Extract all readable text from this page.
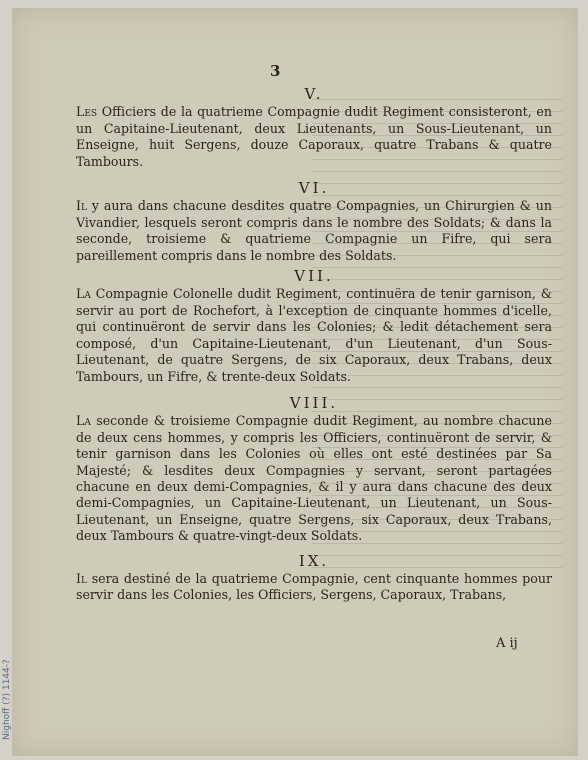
3
V.

Les Officiers de la quatrieme Compagnie dudit Regiment consisteront, en un Capitaine-Lieutenant, deux Lieutenants, un Sous-Lieutenant, un Enseigne, huit Sergens, douze Caporaux, quatre Trabans & quatre Tambours.

VI.

Il y aura dans chacune desdites quatre Compagnies, un Chirurgien & un Vivandier, lesquels seront compris dans le nombre des Soldats; & dans la seconde, troisieme & quatrieme Compagnie un Fifre, qui sera pareillement compris dans le nombre des Soldats.

VII.

La Compagnie Colonelle dudit Regiment, continuëra de tenir garnison, & servir au port de Rochefort, à l'exception de cinquante hommes d'icelle, qui continuëront de servir dans les Colonies; & ledit détachement sera composé, d'un Capitaine-Lieutenant, d'un Lieutenant, d'un Sous-Lieutenant, de quatre Sergens, de six Caporaux, deux Trabans, deux Tambours, un Fifre, & trente-deux Soldats.

VIII.

La seconde & troisieme Compagnie dudit Regiment, au nombre chacune de deux cens hommes, y compris les Officiers, continuëront de servir, & tenir garnison dans les Colonies où elles ont esté destinées par Sa Majesté; & lesdites deux Compagnies y servant, seront partagées chacune en deux demi-Compagnies, & il y aura dans chacune des deux demi-Compagnies, un Capitaine-Lieutenant, un Lieutenant, un Sous-Lieutenant, un Enseigne, quatre Sergens, six Caporaux, deux Trabans, deux Tambours & quatre-vingt-deux Soldats.

IX.

Il sera destiné de la quatrieme Compagnie, cent cinquante hommes pour servir dans les Colonies, les Officiers, Sergens, Caporaux, Trabans,

A ij
Nighoff (?) 1144-?
